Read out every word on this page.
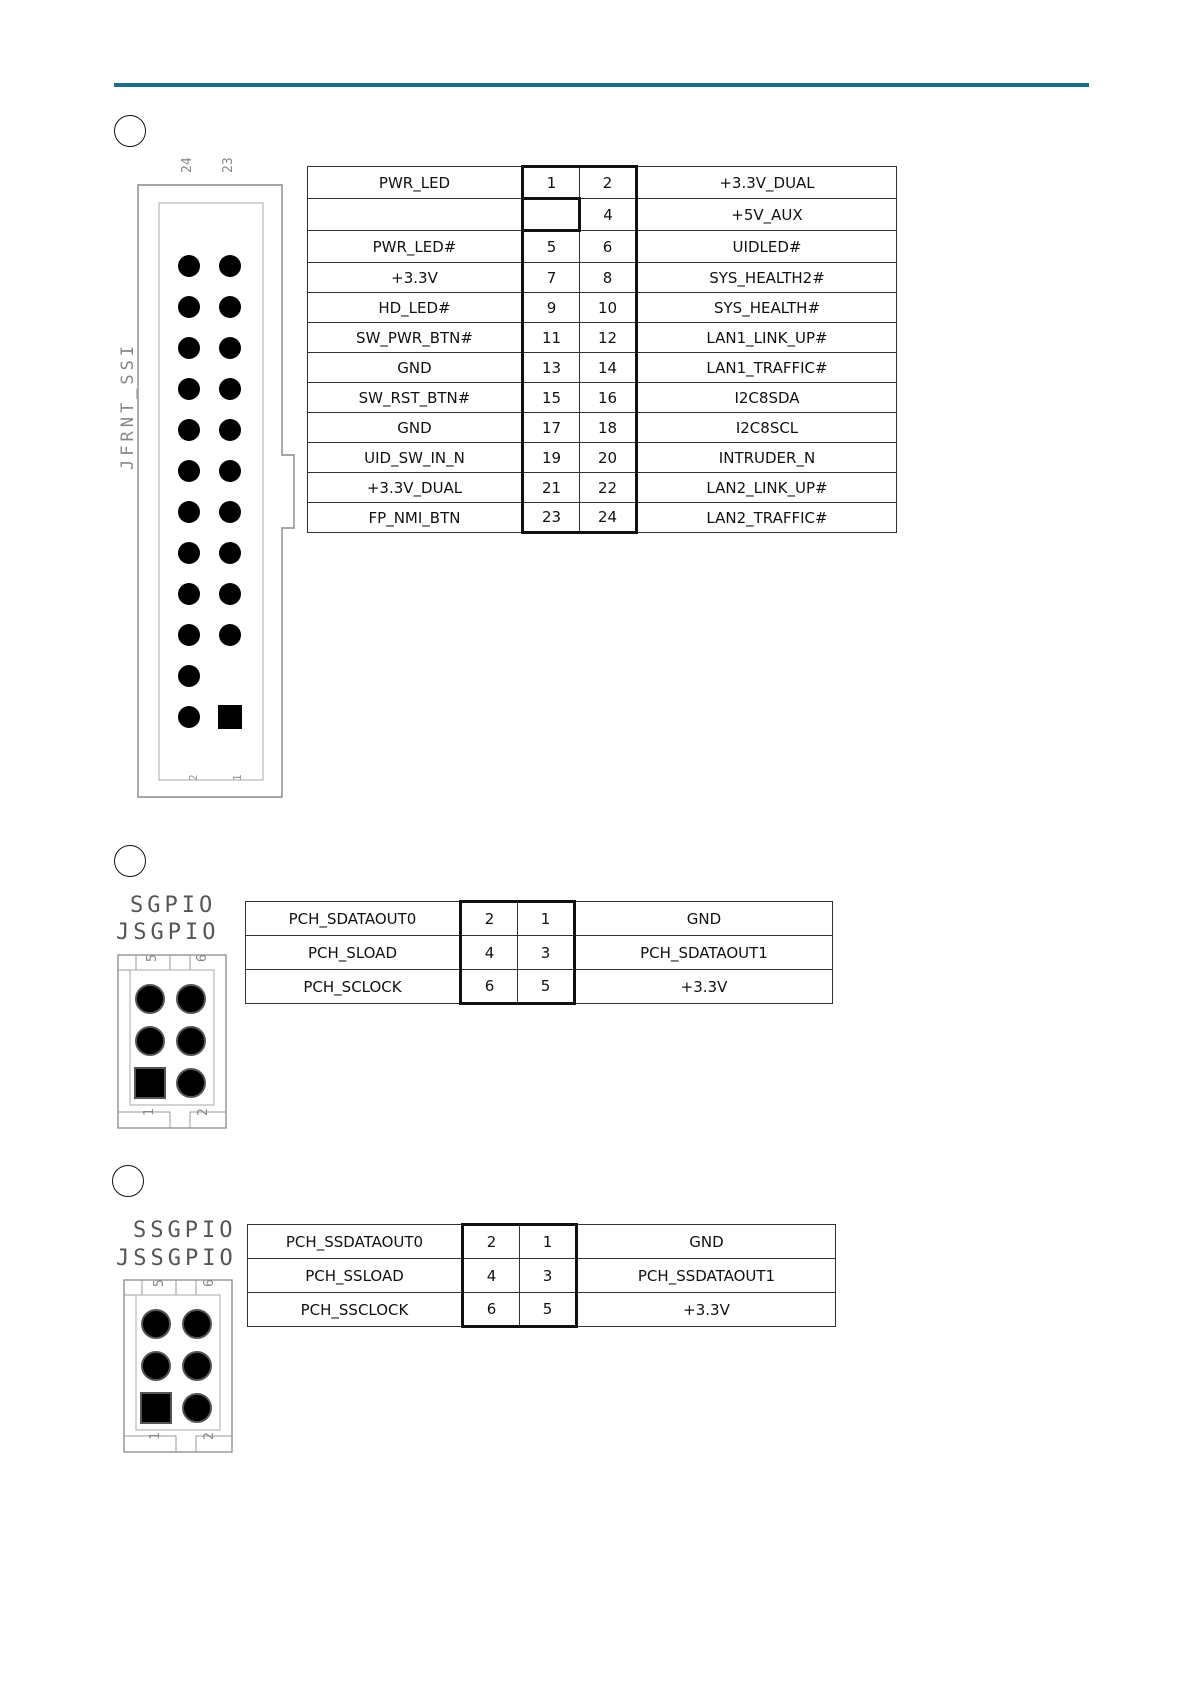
24 23
2	1
JFRNT_SSI
PWR_LED	1	2	+3.3V_DUAL
		4	+5V_AUX
PWR_LED#	5	6	UIDLED#
+3.3V	7	8	SYS_HEALTH2#
HD_LED#	9	10	SYS_HEALTH#
SW_PWR_BTN#	11	12	LAN1_LINK_UP#
GND	13	14	LAN1_TRAFFIC#
SW_RST_BTN#	15	16	I2C8SDA
GND	17	18	I2C8SCL
UID_SW_IN_N	19	20	INTRUDER_N
+3.3V_DUAL	21	22	LAN2_LINK_UP#
FP_NMI_BTN	23	24	LAN2_TRAFFIC#
SGPIO
JSGPIO
5	6
1	2
PCH_SDATAOUT0	2	1	GND
PCH_SLOAD	4	3	PCH_SDATAOUT1
PCH_SCLOCK	6	5	+3.3V
SSGPIO
JSSGPIO
5	6
1	2
PCH_SSDATAOUT0	2	1	GND
PCH_SSLOAD	4	3	PCH_SSDATAOUT1
PCH_SSCLOCK	6	5	+3.3V
